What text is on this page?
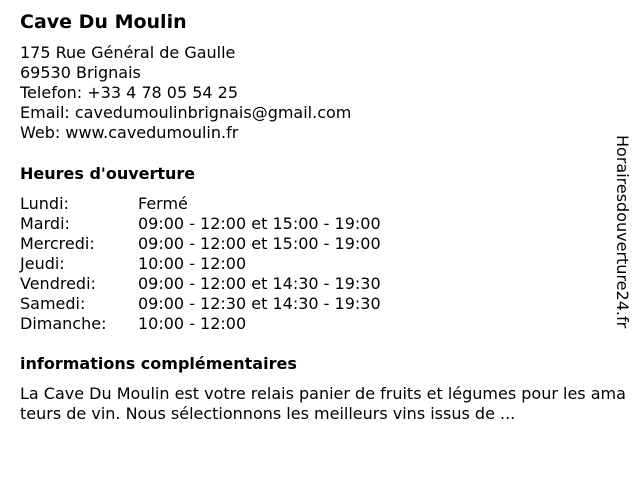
Cave Du Moulin
175 Rue Général de Gaulle
69530 Brignais
Telefon: +33 4 78 05 54 25
Email: cavedumoulinbrignais@gmail.com
Web: www.cavedumoulin.fr
Heures d'ouverture
Lundi:	Fermé
Mardi:	09:00 - 12:00 et 15:00 - 19:00
Mercredi:	09:00 - 12:00 et 15:00 - 19:00
Jeudi:	10:00 - 12:00
Vendredi:	09:00 - 12:00 et 14:30 - 19:30
Samedi:	09:00 - 12:30 et 14:30 - 19:30
Dimanche:	10:00 - 12:00
informations complémentaires
La Cave Du Moulin est votre relais panier de fruits et légumes pour les amateurs de vin. Nous sélectionnons les meilleurs vins issus de ...
Horairesdouverture24.fr
